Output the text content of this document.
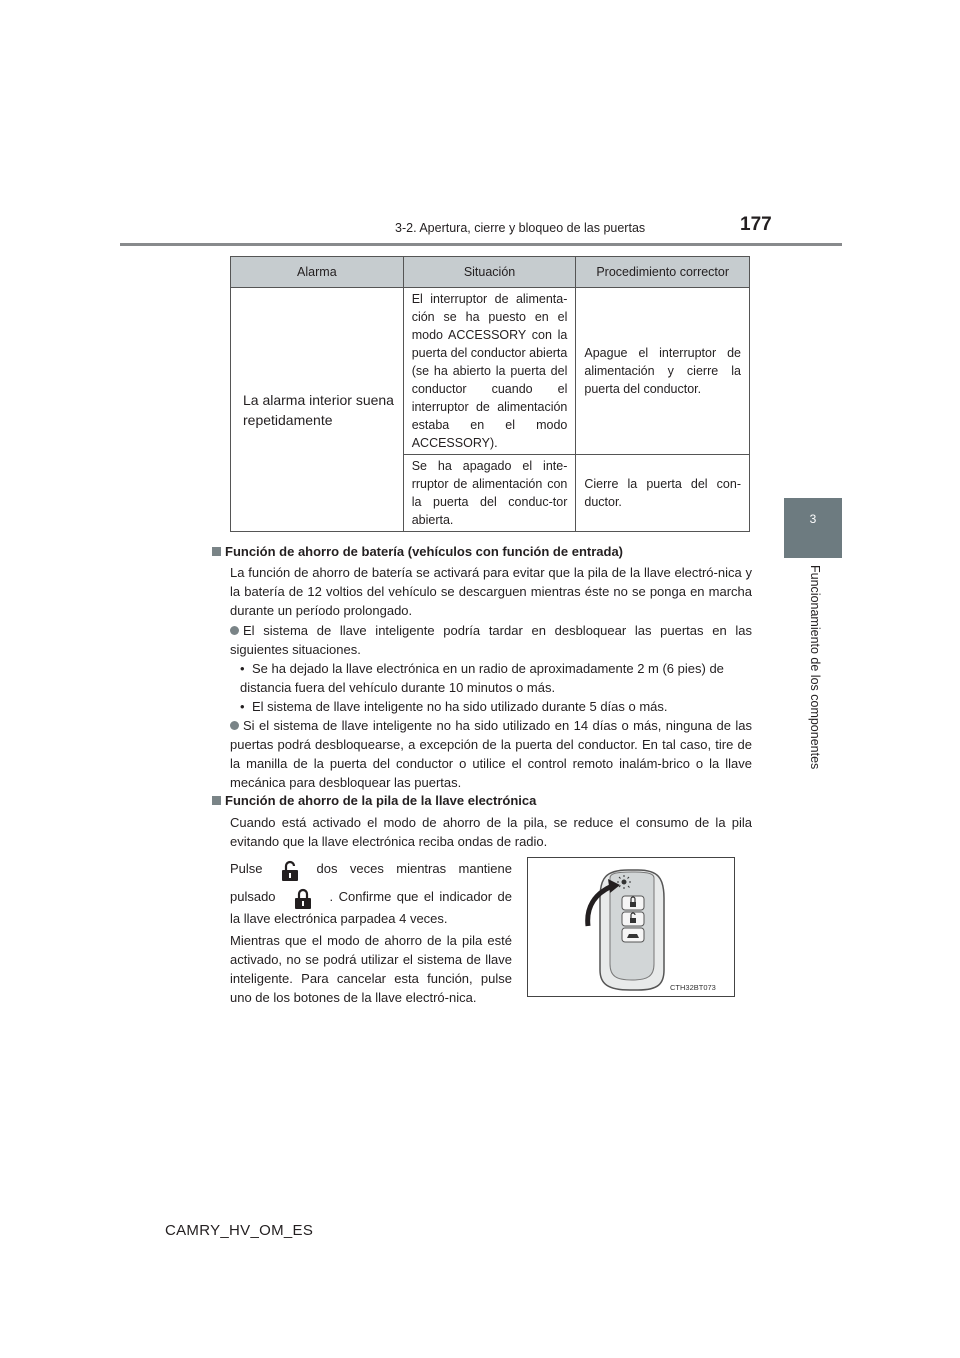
3-2. Apertura, cierre y bloqueo de las puertas	177
3
Funcionamiento de los componentes
Alarma	Situación	Procedimiento corrector
La alarma interior suena repetidamente	El interruptor de alimenta-ción se ha puesto en el modo ACCESSORY con la puerta del conductor abierta (se ha abierto la puerta del conductor cuando el interruptor de alimentación estaba en el modo ACCESSORY).	Apague el interruptor de alimentación y cierre la puerta del conductor.
	Se ha apagado el inte-rruptor de alimentación con la puerta del conduc-tor abierta.	Cierre la puerta del con-ductor.
Función de ahorro de batería (vehículos con función de entrada)
La función de ahorro de batería se activará para evitar que la pila de la llave electró-nica y la batería de 12 voltios del vehículo se descarguen mientras éste no se ponga en marcha durante un período prolongado.
El sistema de llave inteligente podría tardar en desbloquear las puertas en las siguientes situaciones.
• Se ha dejado la llave electrónica en un radio de aproximadamente 2 m (6 pies) de distancia fuera del vehículo durante 10 minutos o más.
• El sistema de llave inteligente no ha sido utilizado durante 5 días o más.
Si el sistema de llave inteligente no ha sido utilizado en 14 días o más, ninguna de las puertas podrá desbloquearse, a excepción de la puerta del conductor. En tal caso, tire de la manilla de la puerta del conductor o utilice el control remoto inalám-brico o la llave mecánica para desbloquear las puertas.
Función de ahorro de la pila de la llave electrónica
Cuando está activado el modo de ahorro de la pila, se reduce el consumo de la pila evitando que la llave electrónica reciba ondas de radio.
Pulse	dos veces mientras mantiene
pulsado	. Confirme que el indicador de la llave electrónica parpadea 4 veces.
Mientras que el modo de ahorro de la pila esté activado, no se podrá utilizar el sistema de llave inteligente. Para cancelar esta función, pulse uno de los botones de la llave electró-nica.
CTH32BT073
CAMRY_HV_OM_ES
